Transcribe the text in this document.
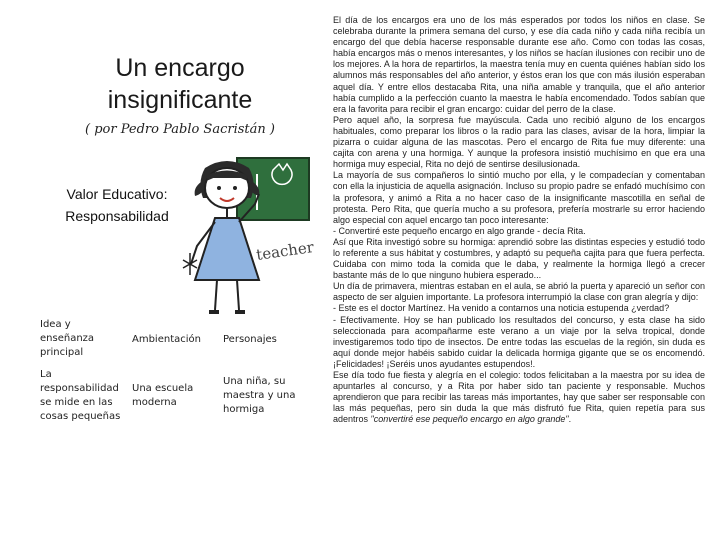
Un encargo
insignificante
( por Pedro Pablo Sacristán )
Valor Educativo:
Responsabilidad
teacher
Idea y
enseñanza
principal
Ambientación Personajes
La
responsabilidad
se mide en las
cosas pequeñas
Una escuela
moderna
Una niña, su
maestra y una
hormiga

El día de los encargos era uno de los más esperados por todos los niños en clase. Se celebraba durante la primera semana del curso, y ese día cada niño y cada niña recibía un encargo del que debía hacerse responsable durante ese año. Como con todas las cosas, había encargos más o menos interesantes, y los niños se hacían ilusiones con recibir uno de los mejores. A la hora de repartirlos, la maestra tenía muy en cuenta quiénes habían sido los alumnos más responsables del año anterior, y éstos eran los que con más ilusión esperaban aquel día. Y entre ellos destacaba Rita, una niña amable y tranquila, que el año anterior había cumplido a la perfección cuanto la maestra le había encomendado. Todos sabían que era la favorita para recibir el gran encargo: cuidar del perro de la clase.

Pero aquel año, la sorpresa fue mayúscula. Cada uno recibió alguno de los encargos habituales, como preparar los libros o la radio para las clases, avisar de la hora, limpiar la pizarra o cuidar alguna de las mascotas. Pero el encargo de Rita fue muy diferente: una cajita con arena y una hormiga. Y aunque la profesora insistió muchísimo en que era una hormiga muy especial, Rita no dejó de sentirse desilusionada.

La mayoría de sus compañeros lo sintió mucho por ella, y le compadecían y comentaban con ella la injusticia de aquella asignación. Incluso su propio padre se enfadó muchísimo con la profesora, y animó a Rita a no hacer caso de la insignificante mascotilla en señal de protesta. Pero Rita, que quería mucho a su profesora, prefería mostrarle su error haciendo algo especial con aquel encargo tan poco interesante:

- Convertiré este pequeño encargo en algo grande - decía Rita.

Así que Rita investigó sobre su hormiga: aprendió sobre las distintas especies y estudió todo lo referente a sus hábitat y costumbres, y adaptó su pequeña cajita para que fuera perfecta. Cuidaba con mimo toda la comida que le daba, y realmente la hormiga llegó a crecer bastante más de lo que ninguno hubiera esperado...

Un día de primavera, mientras estaban en el aula, se abrió la puerta y apareció un señor con aspecto de ser alguien importante. La profesora interrumpió la clase con gran alegría y dijo:

- Este es el doctor Martínez. Ha venido a contarnos una noticia estupenda ¿verdad?

- Efectivamente. Hoy se han publicado los resultados del concurso, y esta clase ha sido seleccionada para acompañarme este verano a un viaje por la selva tropical, donde investigaremos todo tipo de insectos. De entre todas las escuelas de la región, sin duda es aquí donde mejor habéis sabido cuidar la delicada hormiga gigante que se os encomendó. ¡Felicidades! ¡Seréis unos ayudantes estupendos!.

Ese día todo fue fiesta y alegría en el colegio: todos felicitaban a la maestra por su idea de apuntarles al concurso, y a Rita por haber sido tan paciente y responsable. Muchos aprendieron que para recibir las tareas más importantes, hay que saber ser responsable con las más pequeñas, pero sin duda la que más disfrutó fue Rita, quien repetía para sus adentros "convertiré ese pequeño encargo en algo grande".
